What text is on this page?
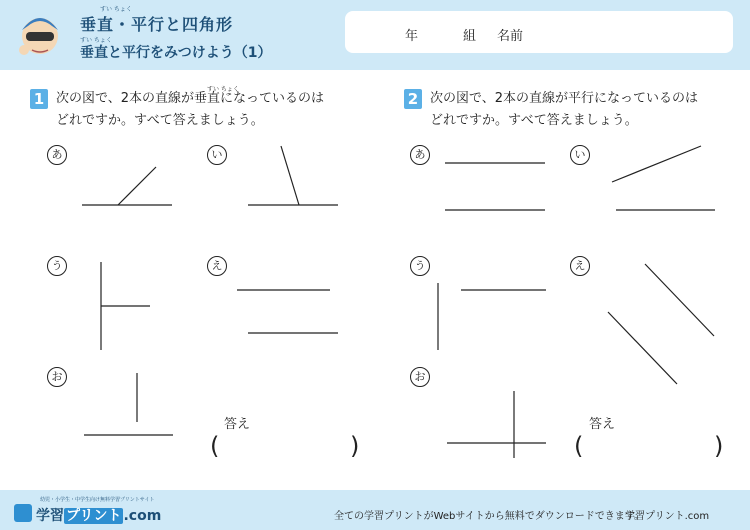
すい ちょく
垂直・平行と四角形
すい ちょく
垂直と平行をみつけよう（1）
年	組 名前
1
すい ちょく
次の図で、2本の直線が垂直になっているのは
どれですか。すべて答えましょう。
あ	い
う	え
お
答え
(	)
2 次の図で、2本の直線が平行になっているのは
どれですか。すべて答えましょう。
あ	い
う	え
お
答え
(	)
幼児・小学生・中学生向け無料学習プリントサイト
学習 プリント .com	全ての学習プリントがWebサイトから無料でダウンロードできます。
学習プリント.com
